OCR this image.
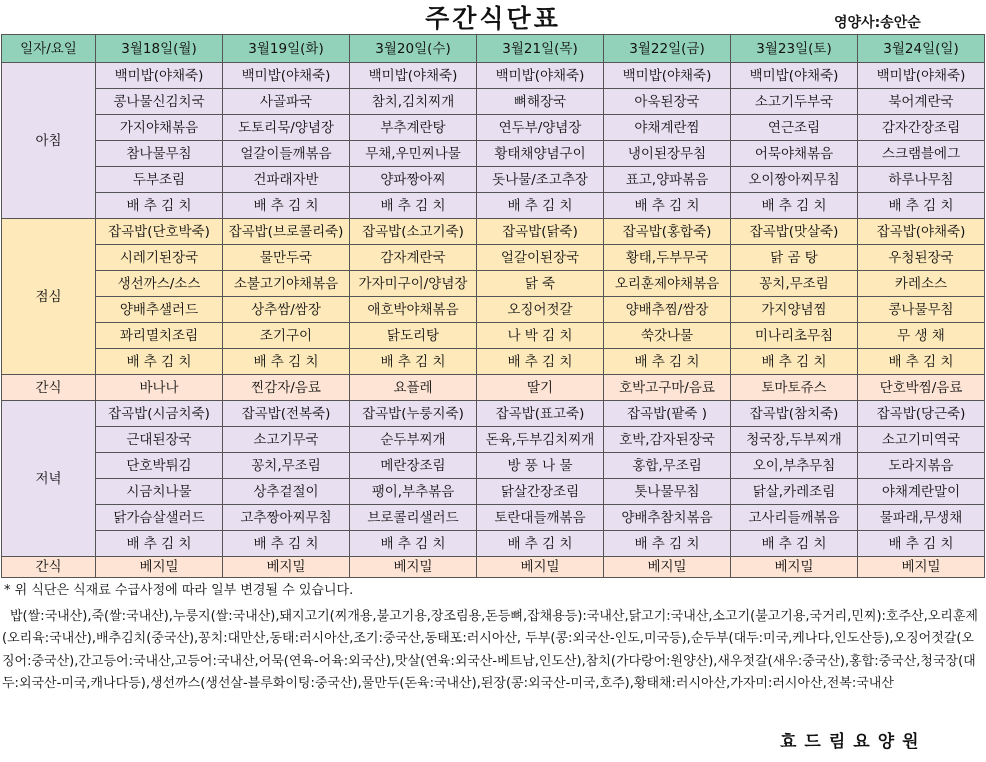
주간식단표	영양사:송안순
일자/요일	3월18일(월)	3월19일(화)	3월20일(수)	3월21일(목)	3월22일(금)	3월23일(토)	3월24일(일)
아침	백미밥(야채죽)	백미밥(야채죽)	백미밥(야채죽)	백미밥(야채죽)	백미밥(야채죽)	백미밥(야채죽)	백미밥(야채죽)
	콩나물신김치국	사골파국	참치,김치찌개	뼈해장국	아욱된장국	소고기두부국	북어계란국
	가지야채볶음	도토리묵/양념장	부추계란탕	연두부/양념장	야채계란찜	연근조림	감자간장조림
	참나물무침	얼갈이들깨볶음	무채,우민찌나물	황태채양념구이	냉이된장무침	어묵야채볶음	스크램블에그
	두부조림	건파래자반	양파짱아찌	돗나물/조고추장	표고,양파볶음	오이짱아찌무침	하루나무침
	배 추 김 치	배 추 김 치	배 추 김 치	배 추 김 치	배 추 김 치	배 추 김 치	배 추 김 치
점심	잡곡밥(단호박죽)	잡곡밥(브로콜리죽)	잡곡밥(소고기죽)	잡곡밥(닭죽)	잡곡밥(홍합죽)	잡곡밥(맛살죽)	잡곡밥(야채죽)
	시레기된장국	물만두국	감자계란국	얼갈이된장국	황태,두부무국	닭 곰 탕	우청된장국
	생선까스/소스	소불고기야채볶음	가자미구이/양념장	닭 죽	오리훈제야채볶음	꽁치,무조림	카레소스
	양배추샐러드	상추쌈/쌈장	애호박야채볶음	오징어젓갈	양배추찜/쌈장	가지양념찜	콩나물무침
	꽈리멸치조림	조기구이	닭도리탕	나 박 김 치	쑥갓나물	미나리초무침	무 생 채
	배 추 김 치	배 추 김 치	배 추 김 치	배 추 김 치	배 추 김 치	배 추 김 치	배 추 김 치
간식	바나나	찐감자/음료	요플레	딸기	호박고구마/음료	토마토쥬스	단호박찜/음료
저녁	잡곡밥(시금치죽)	잡곡밥(전복죽)	잡곡밥(누룽지죽)	잡곡밥(표고죽)	잡곡밥(팥죽 )	잡곡밥(참치죽)	잡곡밥(당근죽)
	근대된장국	소고기무국	순두부찌개	돈육,두부김치찌개	호박,감자된장국	청국장,두부찌개	소고기미역국
	단호박튀김	꽁치,무조림	메란장조림	방 풍 나 물	홍합,무조림	오이,부추무침	도라지볶음
	시금치나물	상추겉절이	팽이,부추볶음	닭살간장조림	톳나물무침	닭살,카레조림	야채계란말이
	닭가슴살샐러드	고추짱아찌무침	브로콜리샐러드	토란대들깨볶음	양배추참치볶음	고사리들깨볶음	물파래,무생채
	배 추 김 치	배 추 김 치	배 추 김 치	배 추 김 치	배 추 김 치	배 추 김 치	배 추 김 치
간식	베지밀	베지밀	베지밀	베지밀	베지밀	베지밀	베지밀
* 위 식단은 식재료 수급사정에 따라 일부 변경될 수 있습니다.
밥(쌀:국내산),죽(쌀:국내산),누룽지(쌀:국내산),돼지고기(찌개용,불고기용,장조림용,돈등뼈,잡채용등):국내산,닭고기:국내산,소고기(불고기용,국거리,민찌):호주산,오리훈제(오리육:국내산),배추김치(중국산),꽁치:대만산,동태:러시아산,조기:중국산,동태포:러시아산, 두부(콩:외국산-인도,미국등),순두부(대두:미국,케나다,인도산등),오징어젓갈(오징어:중국산),간고등어:국내산,고등어:국내산,어묵(연육-어육:외국산),맛살(연육:외국산-베트남,인도산),참치(가다랑어:원양산),새우젓갈(새우:중국산),홍합:중국산,청국장(대두:외국산-미국,캐나다등),생선까스(생선살-블루화이팅:중국산),물만두(돈육:국내산),된장(콩:외국산-미국,호주),황태채:러시아산,가자미:러시아산,전복:국내산
효드림요양원
